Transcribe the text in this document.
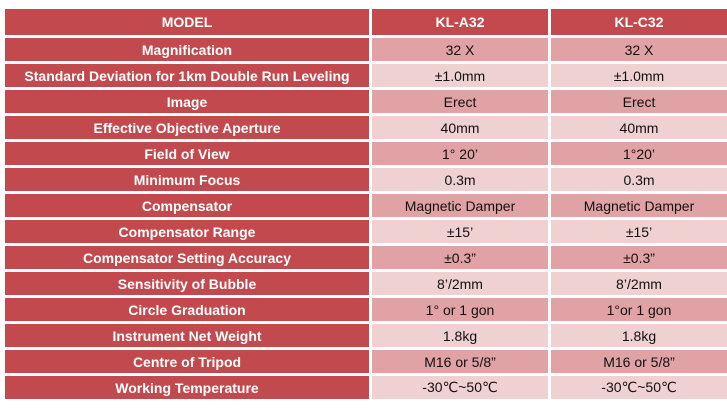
MODEL	KL-A32	KL-C32
Magnification	32 X	32 X
Standard Deviation for 1km Double Run Leveling	±1.0mm	±1.0mm
Image	Erect	Erect
Effective Objective Aperture	40mm	40mm
Field of View	1° 20’	1°20’
Minimum Focus	0.3m	0.3m
Compensator	Magnetic Damper	Magnetic Damper
Compensator Range	±15’	±15’
Compensator Setting Accuracy	±0.3”	±0.3”
Sensitivity of Bubble	8’/2mm	8’/2mm
Circle Graduation	1° or 1 gon	1°or 1 gon
Instrument Net Weight	1.8kg	1.8kg
Centre of Tripod	M16 or 5/8”	M16 or 5/8”
Working Temperature	-30℃~50℃	-30℃~50℃
